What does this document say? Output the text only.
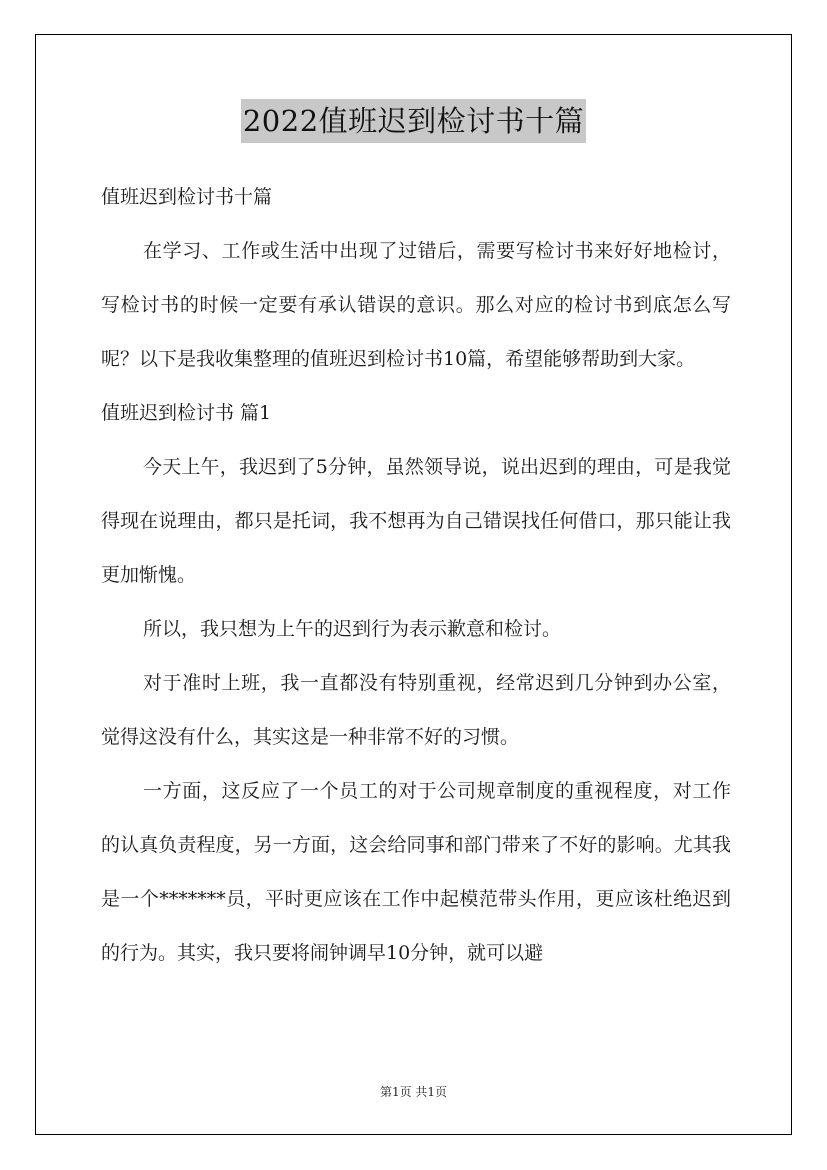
2022值班迟到检讨书十篇

值班迟到检讨书十篇

在学习、工作或生活中出现了过错后，需要写检讨书来好好地检讨，写检讨书的时候一定要有承认错误的意识。那么对应的检讨书到底怎么写呢？以下是我收集整理的值班迟到检讨书10篇，希望能够帮助到大家。

值班迟到检讨书 篇1

今天上午，我迟到了5分钟，虽然领导说，说出迟到的理由，可是我觉得现在说理由，都只是托词，我不想再为自己错误找任何借口，那只能让我更加惭愧。

所以，我只想为上午的迟到行为表示歉意和检讨。

对于准时上班，我一直都没有特别重视，经常迟到几分钟到办公室，觉得这没有什么，其实这是一种非常不好的习惯。

一方面，这反应了一个员工的对于公司规章制度的重视程度，对工作的认真负责程度，另一方面，这会给同事和部门带来了不好的影响。尤其我是一个*******员，平时更应该在工作中起模范带头作用，更应该杜绝迟到的行为。其实，我只要将闹钟调早10分钟，就可以避

第1页 共1页
